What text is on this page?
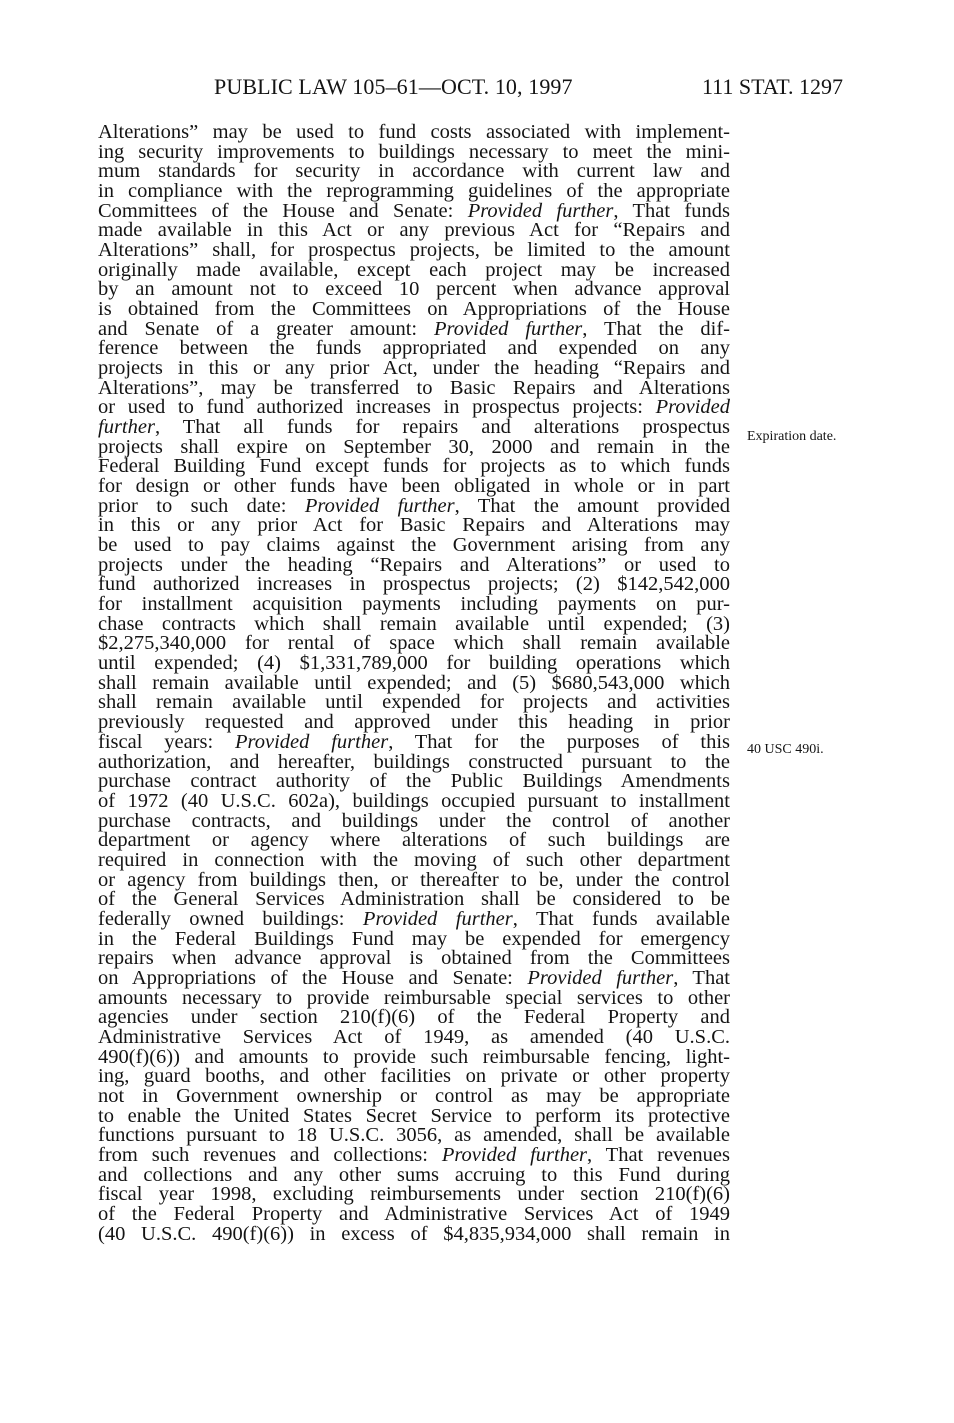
PUBLIC LAW 105–61—OCT. 10, 1997	111 STAT. 1297
Alterations” may be used to fund costs associated with implement-
ing security improvements to buildings necessary to meet the mini-
mum standards for security in accordance with current law and
in compliance with the reprogramming guidelines of the appropriate
Committees of the House and Senate: Provided further, That funds
made available in this Act or any previous Act for “Repairs and
Alterations” shall, for prospectus projects, be limited to the amount
originally made available, except each project may be increased
by an amount not to exceed 10 percent when advance approval
is obtained from the Committees on Appropriations of the House
and Senate of a greater amount: Provided further, That the dif-
ference between the funds appropriated and expended on any
projects in this or any prior Act, under the heading “Repairs and
Alterations”, may be transferred to Basic Repairs and Alterations
or used to fund authorized increases in prospectus projects: Provided
further, That all funds for repairs and alterations prospectus
projects shall expire on September 30, 2000 and remain in the
Federal Building Fund except funds for projects as to which funds
for design or other funds have been obligated in whole or in part
prior to such date: Provided further, That the amount provided
in this or any prior Act for Basic Repairs and Alterations may
be used to pay claims against the Government arising from any
projects under the heading “Repairs and Alterations” or used to
fund authorized increases in prospectus projects; (2) $142,542,000
for installment acquisition payments including payments on pur-
chase contracts which shall remain available until expended; (3)
$2,275,340,000 for rental of space which shall remain available
until expended; (4) $1,331,789,000 for building operations which
shall remain available until expended; and (5) $680,543,000 which
shall remain available until expended for projects and activities
previously requested and approved under this heading in prior
fiscal years: Provided further, That for the purposes of this
authorization, and hereafter, buildings constructed pursuant to the
purchase contract authority of the Public Buildings Amendments
of 1972 (40 U.S.C. 602a), buildings occupied pursuant to installment
purchase contracts, and buildings under the control of another
department or agency where alterations of such buildings are
required in connection with the moving of such other department
or agency from buildings then, or thereafter to be, under the control
of the General Services Administration shall be considered to be
federally owned buildings: Provided further, That funds available
in the Federal Buildings Fund may be expended for emergency
repairs when advance approval is obtained from the Committees
on Appropriations of the House and Senate: Provided further, That
amounts necessary to provide reimbursable special services to other
agencies under section 210(f)(6) of the Federal Property and
Administrative Services Act of 1949, as amended (40 U.S.C.
490(f)(6)) and amounts to provide such reimbursable fencing, light-
ing, guard booths, and other facilities on private or other property
not in Government ownership or control as may be appropriate
to enable the United States Secret Service to perform its protective
functions pursuant to 18 U.S.C. 3056, as amended, shall be available
from such revenues and collections: Provided further, That revenues
and collections and any other sums accruing to this Fund during
fiscal year 1998, excluding reimbursements under section 210(f)(6)
of the Federal Property and Administrative Services Act of 1949
(40 U.S.C. 490(f)(6)) in excess of $4,835,934,000 shall remain in
Expiration date.
40 USC 490i.
